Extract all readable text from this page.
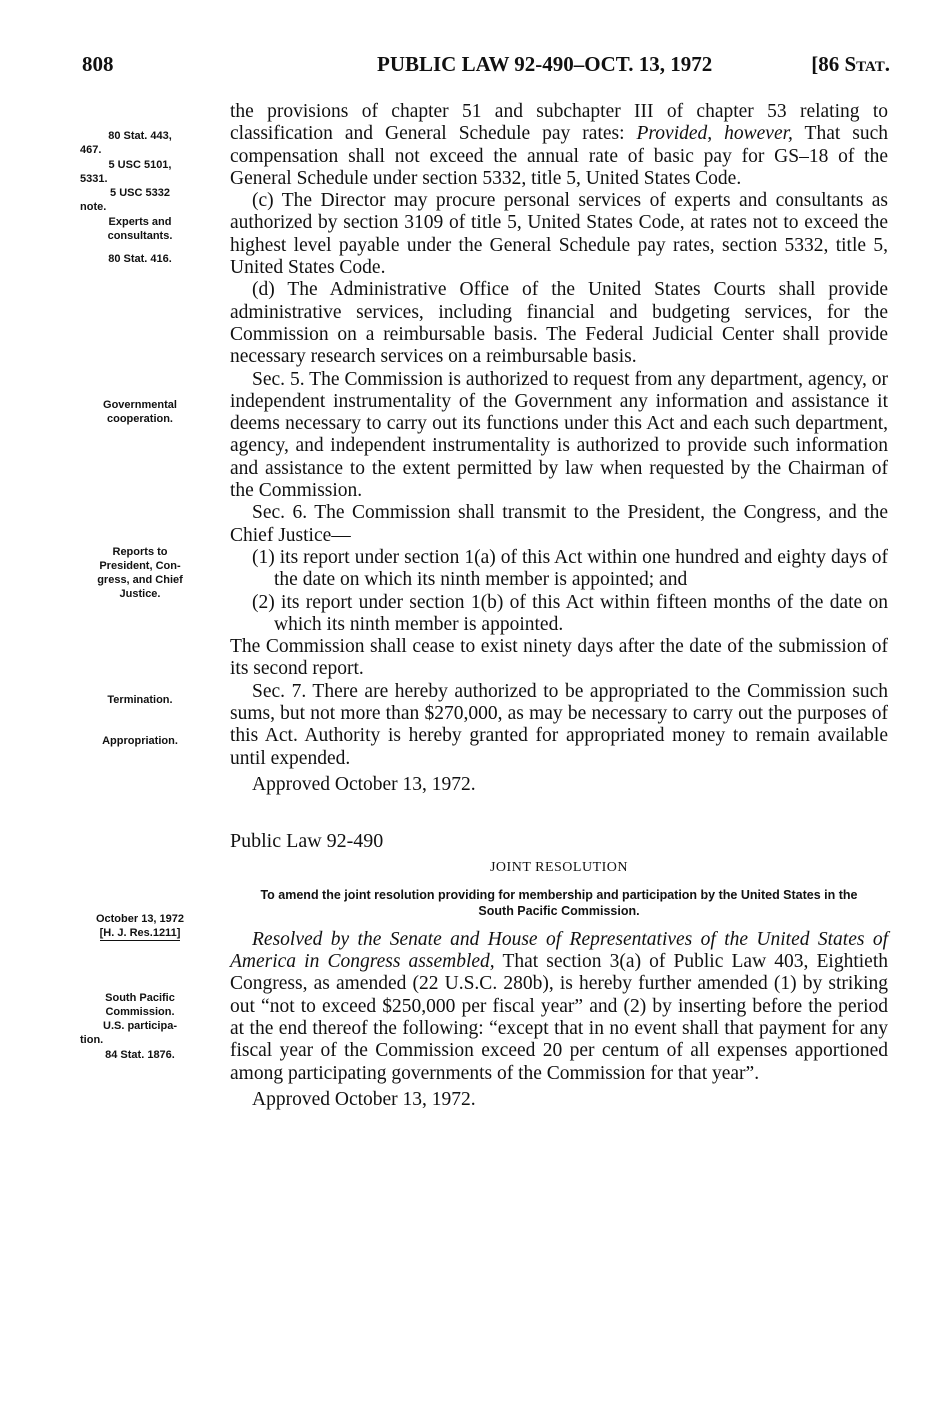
808	PUBLIC LAW 92-490–OCT. 13, 1972	[86 Stat.
80 Stat. 443,
467.
5 USC 5101,
5331.
5 USC 5332
note.
Experts and
consultants.
80 Stat. 416.
Governmental
cooperation.
Reports to
President, Con-
gress, and Chief
Justice.
Termination.
Appropriation.
October 13, 1972
[H. J. Res.1211]
South Pacific
Commission.
U.S. participa-
tion.
84 Stat. 1876.

the provisions of chapter 51 and subchapter III of chapter 53 relating to classification and General Schedule pay rates: Provided, however, That such compensation shall not exceed the annual rate of basic pay for GS–18 of the General Schedule under section 5332, title 5, United States Code.

(c) The Director may procure personal services of experts and consultants as authorized by section 3109 of title 5, United States Code, at rates not to exceed the highest level payable under the General Schedule pay rates, section 5332, title 5, United States Code.

(d) The Administrative Office of the United States Courts shall provide administrative services, including financial and budgeting services, for the Commission on a reimbursable basis. The Federal Judicial Center shall provide necessary research services on a reimbursable basis.

Sec. 5. The Commission is authorized to request from any department, agency, or independent instrumentality of the Government any information and assistance it deems necessary to carry out its functions under this Act and each such department, agency, and independent instrumentality is authorized to provide such information and assistance to the extent permitted by law when requested by the Chairman of the Commission.

Sec. 6. The Commission shall transmit to the President, the Congress, and the Chief Justice—

(1) its report under section 1(a) of this Act within one hundred and eighty days of the date on which its ninth member is appointed; and

(2) its report under section 1(b) of this Act within fifteen months of the date on which its ninth member is appointed.

The Commission shall cease to exist ninety days after the date of the submission of its second report.

Sec. 7. There are hereby authorized to be appropriated to the Commission such sums, but not more than $270,000, as may be necessary to carry out the purposes of this Act. Authority is hereby granted for appropriated money to remain available until expended.

Approved October 13, 1972.
Public Law 92-490
JOINT RESOLUTION
To amend the joint resolution providing for membership and participation by the United States in the South Pacific Commission.

Resolved by the Senate and House of Representatives of the United States of America in Congress assembled, That section 3(a) of Public Law 403, Eightieth Congress, as amended (22 U.S.C. 280b), is hereby further amended (1) by striking out “not to exceed $250,000 per fiscal year” and (2) by inserting before the period at the end thereof the following: “except that in no event shall that payment for any fiscal year of the Commission exceed 20 per centum of all expenses apportioned among participating governments of the Commission for that year”.

Approved October 13, 1972.
